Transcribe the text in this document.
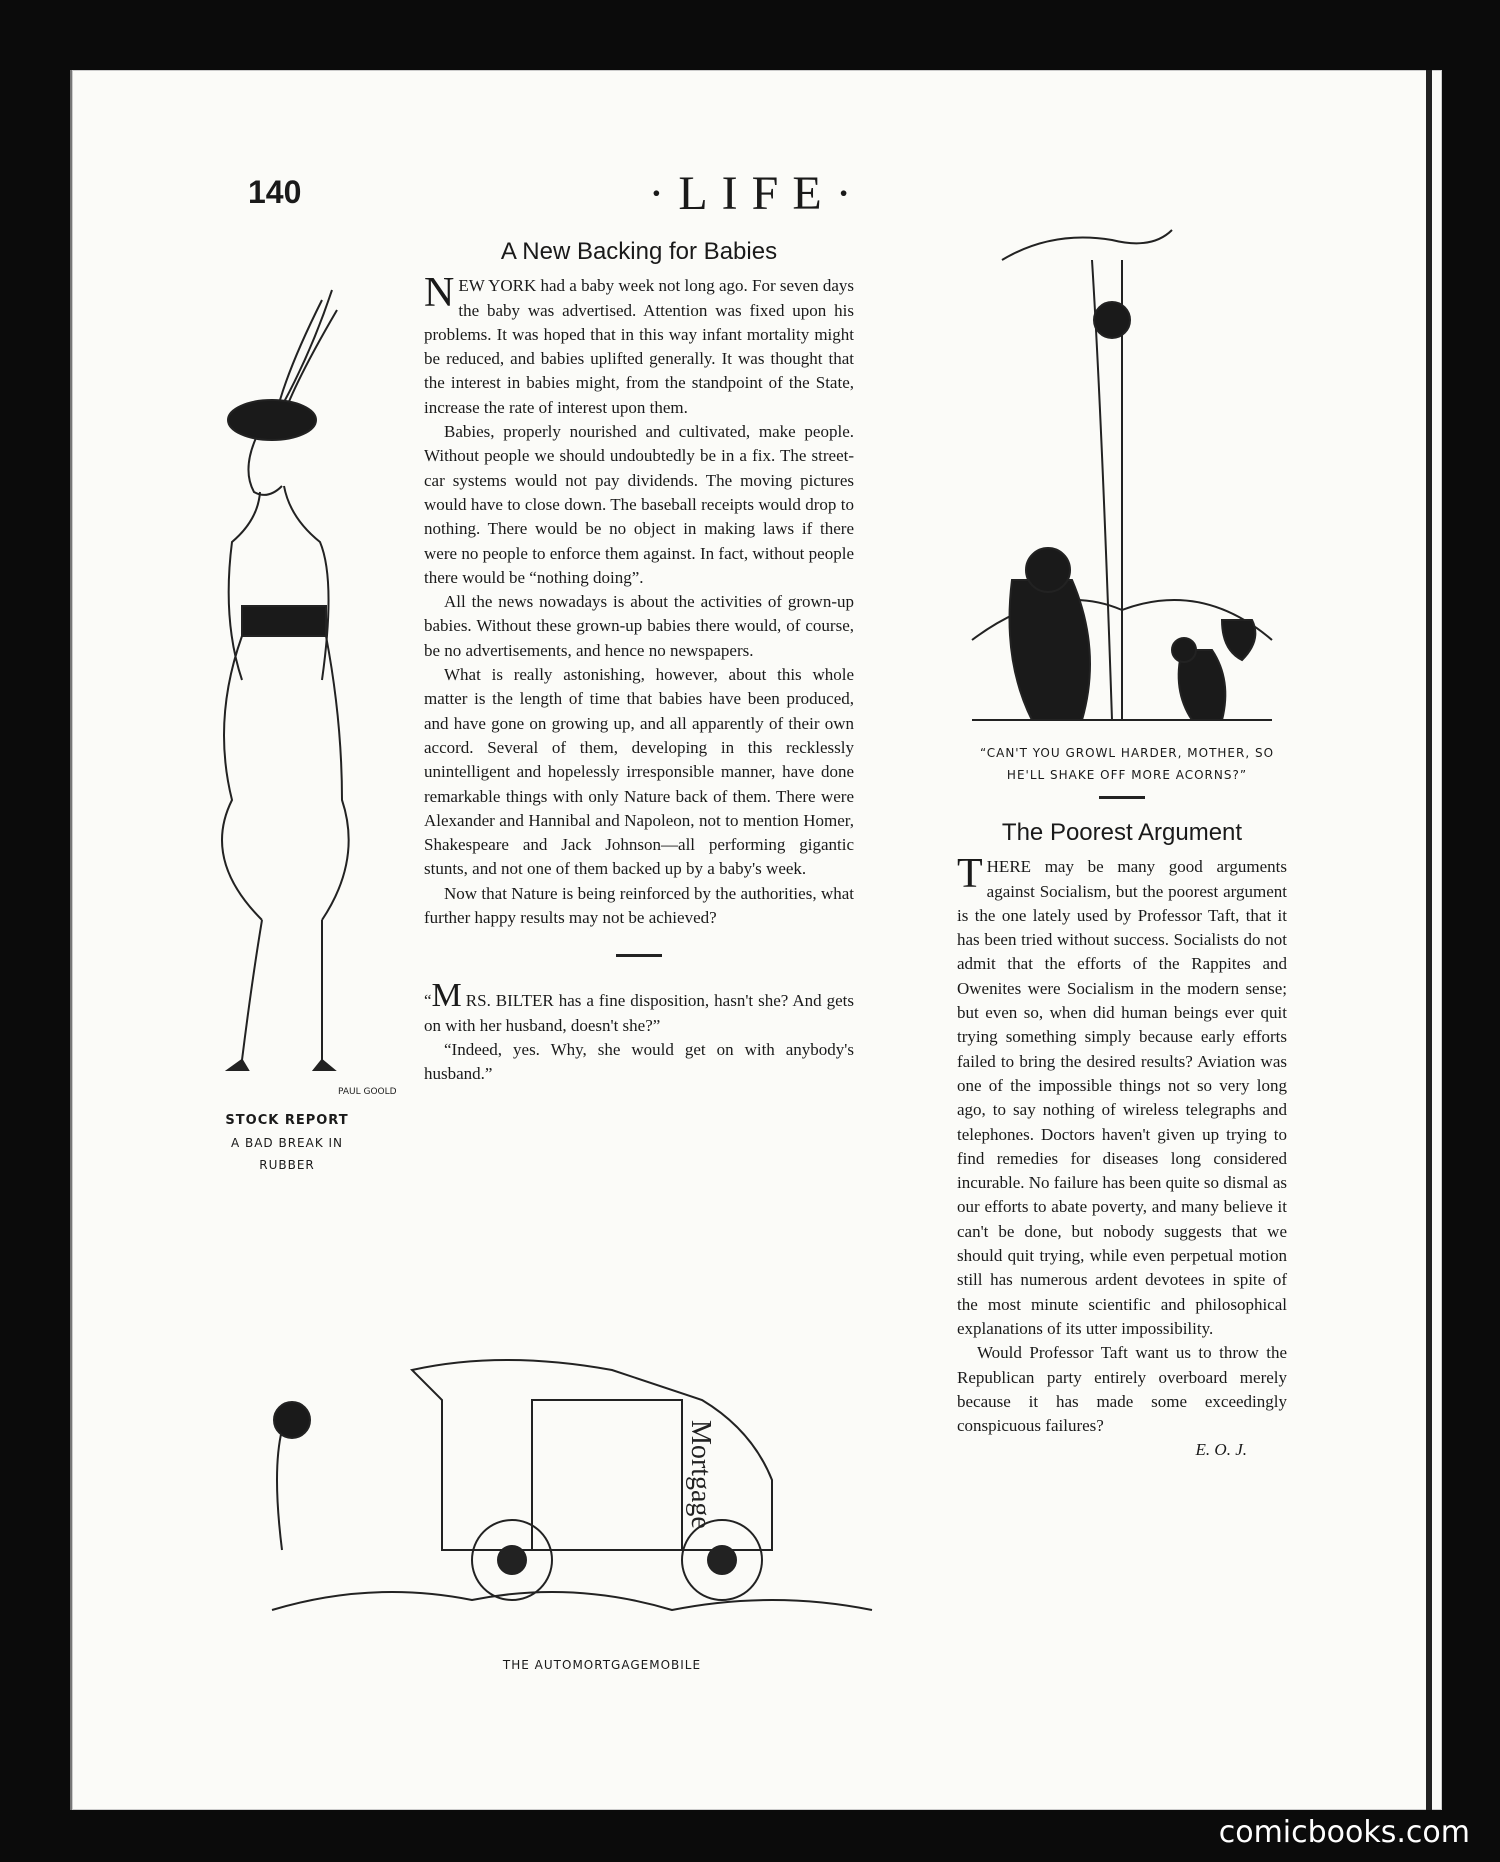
140	·LIFE·
PAUL GOOLD
STOCK REPORT
A BAD BREAK IN
RUBBER
A New Backing for Babies

NEW YORK had a baby week not long ago. For seven days the baby was advertised. Attention was fixed upon his problems. It was hoped that in this way infant mortality might be reduced, and babies uplifted generally. It was thought that the interest in babies might, from the standpoint of the State, increase the rate of interest upon them.

Babies, properly nourished and cultivated, make people. Without people we should undoubtedly be in a fix. The street-car systems would not pay dividends. The moving pictures would have to close down. The baseball receipts would drop to nothing. There would be no object in making laws if there were no people to enforce them against. In fact, without people there would be “nothing doing”.

All the news nowadays is about the activities of grown-up babies. Without these grown-up babies there would, of course, be no advertisements, and hence no newspapers.

What is really astonishing, however, about this whole matter is the length of time that babies have been produced, and have gone on growing up, and all apparently of their own accord. Several of them, developing in this recklessly unintelligent and hopelessly irresponsible manner, have done remarkable things with only Nature back of them. There were Alexander and Hannibal and Napoleon, not to mention Homer, Shakespeare and Jack Johnson—all performing gigantic stunts, and not one of them backed up by a baby's week.

Now that Nature is being reinforced by the authorities, what further happy results may not be achieved?

“M RS. BILTER has a fine disposition, hasn't she? And gets on with her husband, doesn't she?”

“Indeed, yes. Why, she would get on with anybody's husband.”

“CAN'T YOU GROWL HARDER, MOTHER, SO
HE'LL SHAKE OFF MORE ACORNS?”
The Poorest Argument

THERE may be many good arguments against Socialism, but the poorest argument is the one lately used by Professor Taft, that it has been tried without success. Socialists do not admit that the efforts of the Rappites and Owenites were Socialism in the modern sense; but even so, when did human beings ever quit trying something simply because early efforts failed to bring the desired results? Aviation was one of the impossible things not so very long ago, to say nothing of wireless telegraphs and telephones. Doctors haven't given up trying to find remedies for diseases long considered incurable. No failure has been quite so dismal as our efforts to abate poverty, and many believe it can't be done, but nobody suggests that we should quit trying, while even perpetual motion still has numerous ardent devotees in spite of the most minute scientific and philosophical explanations of its utter impossibility.

Would Professor Taft want us to throw the Republican party entirely overboard merely because it has made some exceedingly conspicuous failures?

E. O. J.
Mortgage
THE AUTOMORTGAGEMOBILE
comicbooks.com
